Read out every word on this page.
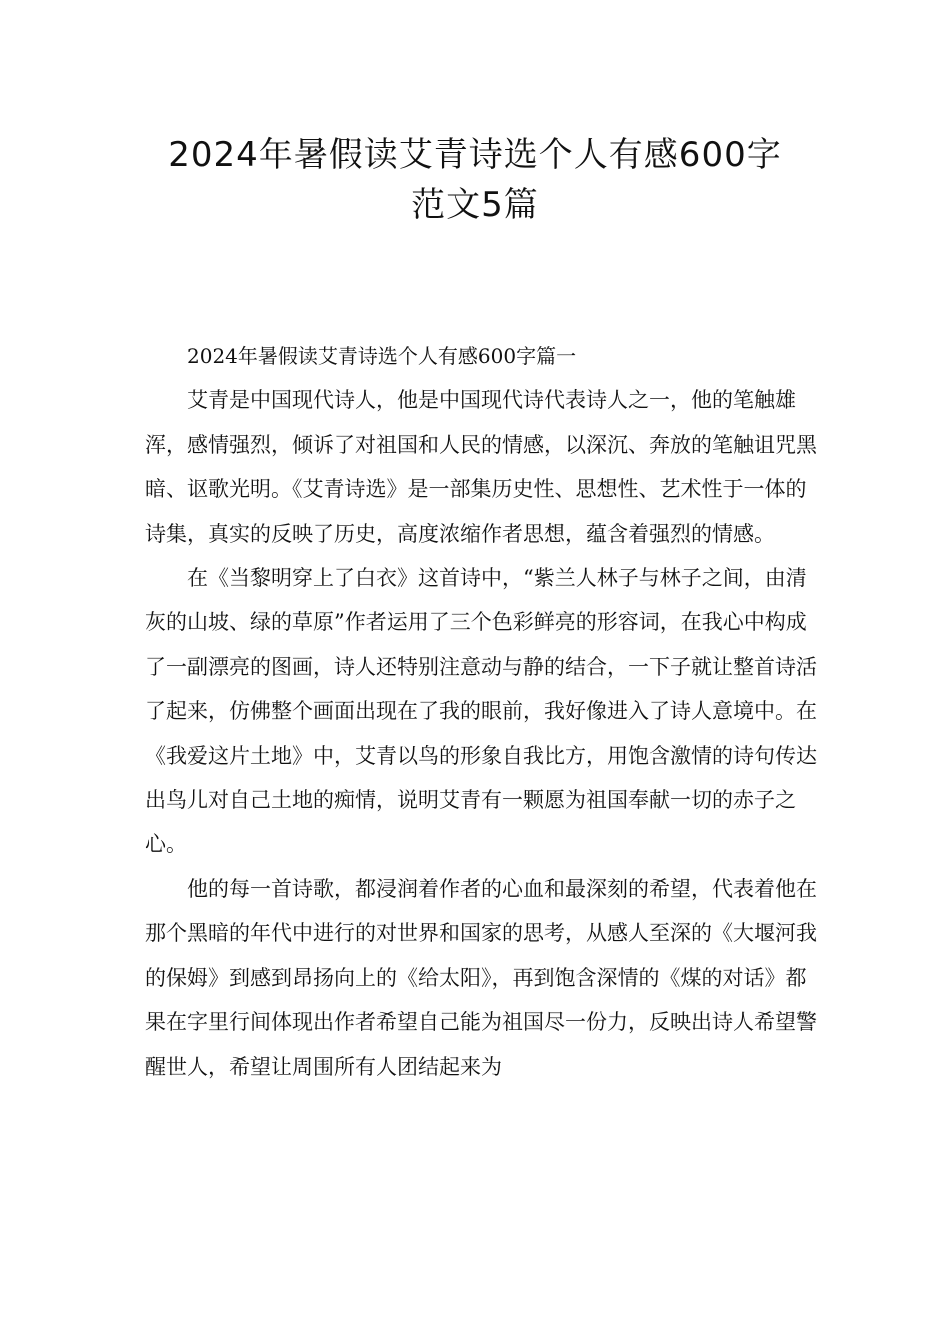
2024年暑假读艾青诗选个人有感600字
范文5篇

2024年暑假读艾青诗选个人有感600字篇一

艾青是中国现代诗人，他是中国现代诗代表诗人之一，他的笔触雄浑，感情强烈，倾诉了对祖国和人民的情感，以深沉、奔放的笔触诅咒黑暗、讴歌光明。《艾青诗选》是一部集历史性、思想性、艺术性于一体的诗集，真实的反映了历史，高度浓缩作者思想，蕴含着强烈的情感。

在《当黎明穿上了白衣》这首诗中，“紫兰人林子与林子之间，由清灰的山坡、绿的草原”作者运用了三个色彩鲜亮的形容词，在我心中构成了一副漂亮的图画，诗人还特别注意动与静的结合，一下子就让整首诗活了起来，仿佛整个画面出现在了我的眼前，我好像进入了诗人意境中。在《我爱这片土地》中，艾青以鸟的形象自我比方，用饱含激情的诗句传达出鸟儿对自己土地的痴情，说明艾青有一颗愿为祖国奉献一切的赤子之心。

他的每一首诗歌，都浸润着作者的心血和最深刻的希望，代表着他在那个黑暗的年代中进行的对世界和国家的思考，从感人至深的《大堰河我的保姆》到感到昂扬向上的《给太阳》，再到饱含深情的《煤的对话》都果在字里行间体现出作者希望自己能为祖国尽一份力，反映出诗人希望警醒世人，希望让周围所有人团结起来为
